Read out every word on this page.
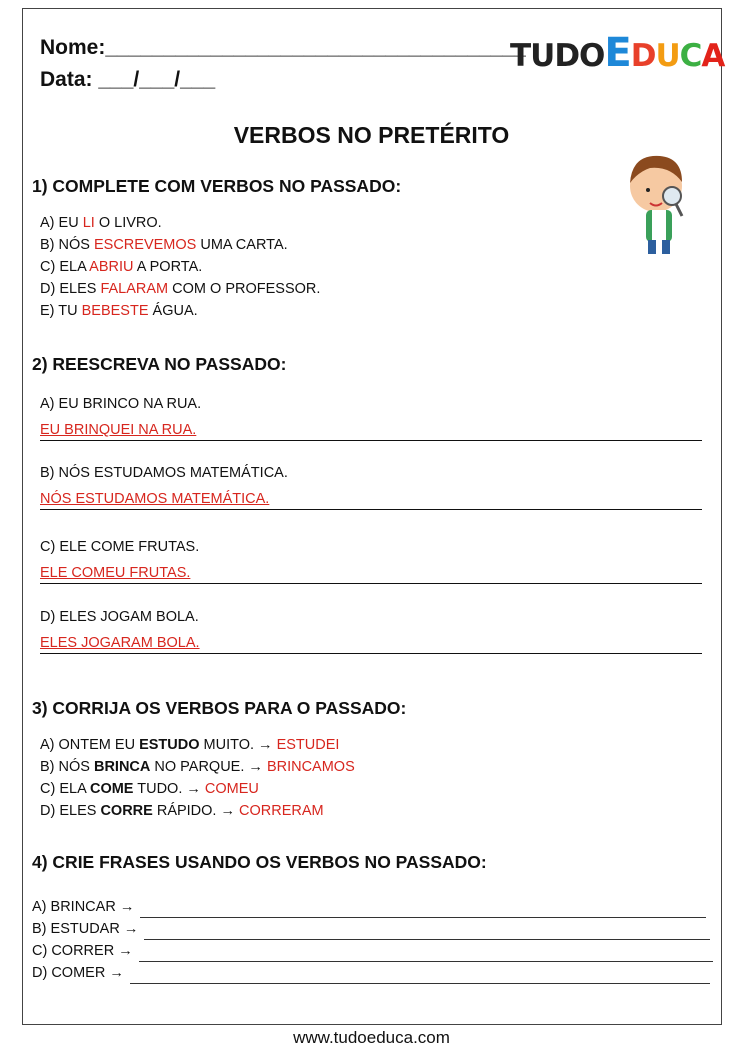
Nome:____________________________________
Data: ___/___/___
TUDOEDUCA
VERBOS NO PRETÉRITO
1) COMPLETE COM VERBOS NO PASSADO:
A) EU LI O LIVRO.
B) NÓS ESCREVEMOS UMA CARTA.
C) ELA ABRIU A PORTA.
D) ELES FALARAM COM O PROFESSOR.
E) TU BEBESTE ÁGUA.
2) REESCREVA NO PASSADO:
A) EU BRINCO NA RUA.
EU BRINQUEI NA RUA.
B) NÓS ESTUDAMOS MATEMÁTICA.
NÓS ESTUDAMOS MATEMÁTICA.
C) ELE COME FRUTAS.
ELE COMEU FRUTAS.
D) ELES JOGAM BOLA.
ELES JOGARAM BOLA.
3) CORRIJA OS VERBOS PARA O PASSADO:
A) ONTEM EU ESTUDO MUITO. → ESTUDEI
B) NÓS BRINCA NO PARQUE. → BRINCAMOS
C) ELA COME TUDO. → COMEU
D) ELES CORRE RÁPIDO. → CORRERAM
4) CRIE FRASES USANDO OS VERBOS NO PASSADO:
A) BRINCAR →
B) ESTUDAR →
C) CORRER →
D) COMER →
www.tudoeduca.com
